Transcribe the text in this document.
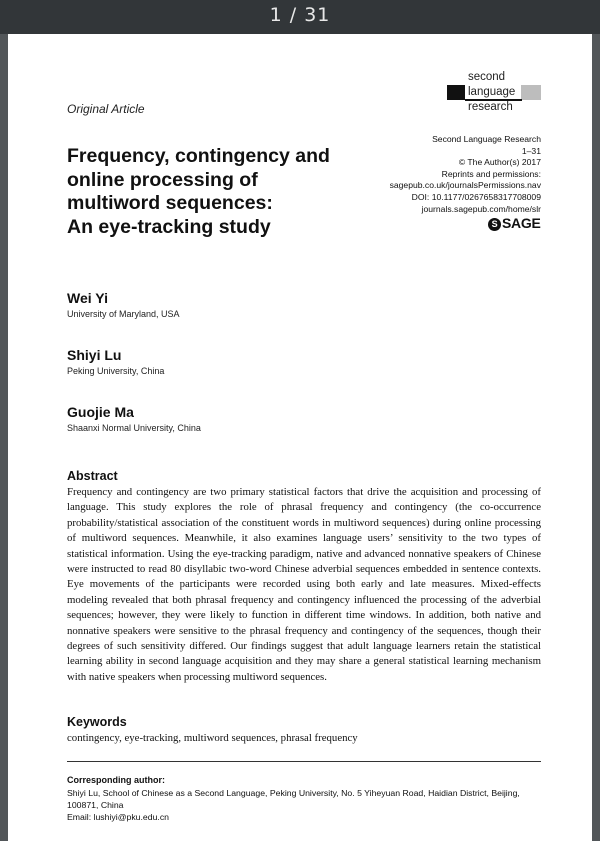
1 / 31
second
language
research
Original Article
Frequency, contingency and
online processing of
multiword sequences:
An eye-tracking study
Second Language Research
1–31
© The Author(s) 2017
Reprints and permissions:
sagepub.co.uk/journalsPermissions.nav
DOI: 10.1177/0267658317708009
journals.sagepub.com/home/slr
S SAGE
Wei Yi
University of Maryland, USA
Shiyi Lu
Peking University, China
Guojie Ma
Shaanxi Normal University, China
Abstract
Frequency and contingency are two primary statistical factors that drive the acquisition and processing of language. This study explores the role of phrasal frequency and contingency (the co-occurrence probability/statistical association of the constituent words in multiword sequences) during online processing of multiword sequences. Meanwhile, it also examines language users’ sensitivity to the two types of statistical information. Using the eye-tracking paradigm, native and advanced nonnative speakers of Chinese were instructed to read 80 disyllabic two-word Chinese adverbial sequences embedded in sentence contexts. Eye movements of the participants were recorded using both early and late measures. Mixed-effects modeling revealed that both phrasal frequency and contingency influenced the processing of the adverbial sequences; however, they were likely to function in different time windows. In addition, both native and nonnative speakers were sensitive to the phrasal frequency and contingency of the sequences, though their degrees of such sensitivity differed. Our findings suggest that adult language learners retain the statistical learning ability in second language acquisition and they may share a general statistical learning mechanism with native speakers when processing multiword sequences.
Keywords
contingency, eye-tracking, multiword sequences, phrasal frequency
Corresponding author:
Shiyi Lu, School of Chinese as a Second Language, Peking University, No. 5 Yiheyuan Road, Haidian District, Beijing, 100871, China
Email: lushiyi@pku.edu.cn
